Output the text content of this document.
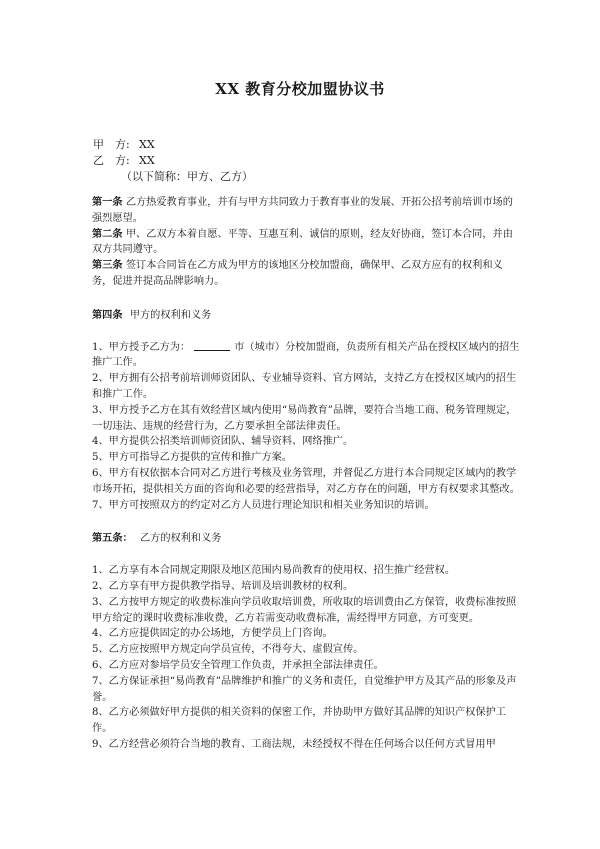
XX 教育分校加盟协议书
甲　方: XX
乙　方: XX
（以下简称：甲方、乙方）

第一条 乙方热爱教育事业，并有与甲方共同致力于教育事业的发展、开拓公招考前培训市场的强烈愿望。

第二条 甲、乙双方本着自愿、平等、互惠互利、诚信的原则，经友好协商，签订本合同，并由双方共同遵守。

第三条 签订本合同旨在乙方成为甲方的该地区分校加盟商，确保甲、乙双方应有的权利和义务，促进并提高品牌影响力。

第四条 甲方的权利和义务

1、甲方授予乙方为：	市（城市）分校加盟商，负责所有相关产品在授权区域内的招生推广工作。

2、甲方拥有公招考前培训师资团队、专业辅导资料、官方网站，支持乙方在授权区域内的招生和推广工作。

3、甲方授予乙方在其有效经营区域内使用“易尚教育”品牌，要符合当地工商、税务管理规定，一切违法、违规的经营行为，乙方要承担全部法律责任。

4、甲方提供公招类培训师资团队、辅导资料、网络推广。

5、甲方可指导乙方提供的宣传和推广方案。

6、甲方有权依据本合同对乙方进行考核及业务管理，并督促乙方进行本合同规定区域内的教学市场开拓，提供相关方面的咨询和必要的经营指导，对乙方存在的问题，甲方有权要求其整改。

7、甲方可按照双方的约定对乙方人员进行理论知识和相关业务知识的培训。

第五条： 乙方的权利和义务

1、乙方享有本合同规定期限及地区范围内易尚教育的使用权、招生推广经营权。

2、乙方享有甲方提供教学指导、培训及培训教材的权利。

3、乙方按甲方规定的收费标准向学员收取培训费，所收取的培训费由乙方保管，收费标准按照甲方给定的课时收费标准收费，乙方若需变动收费标准，需经得甲方同意，方可变更。

4、乙方应提供固定的办公场地，方便学员上门咨询。

5、乙方应按照甲方规定向学员宣传，不得夸大、虚假宣传。

6、乙方应对参培学员安全管理工作负责，并承担全部法律责任。

7、乙方保证承担“易尚教育”品牌维护和推广的义务和责任，自觉维护甲方及其产品的形象及声誉。

8、乙方必须做好甲方提供的相关资料的保密工作，并协助甲方做好其品牌的知识产权保护工作。

9、乙方经营必须符合当地的教育、工商法规，未经授权不得在任何场合以任何方式冒用甲
